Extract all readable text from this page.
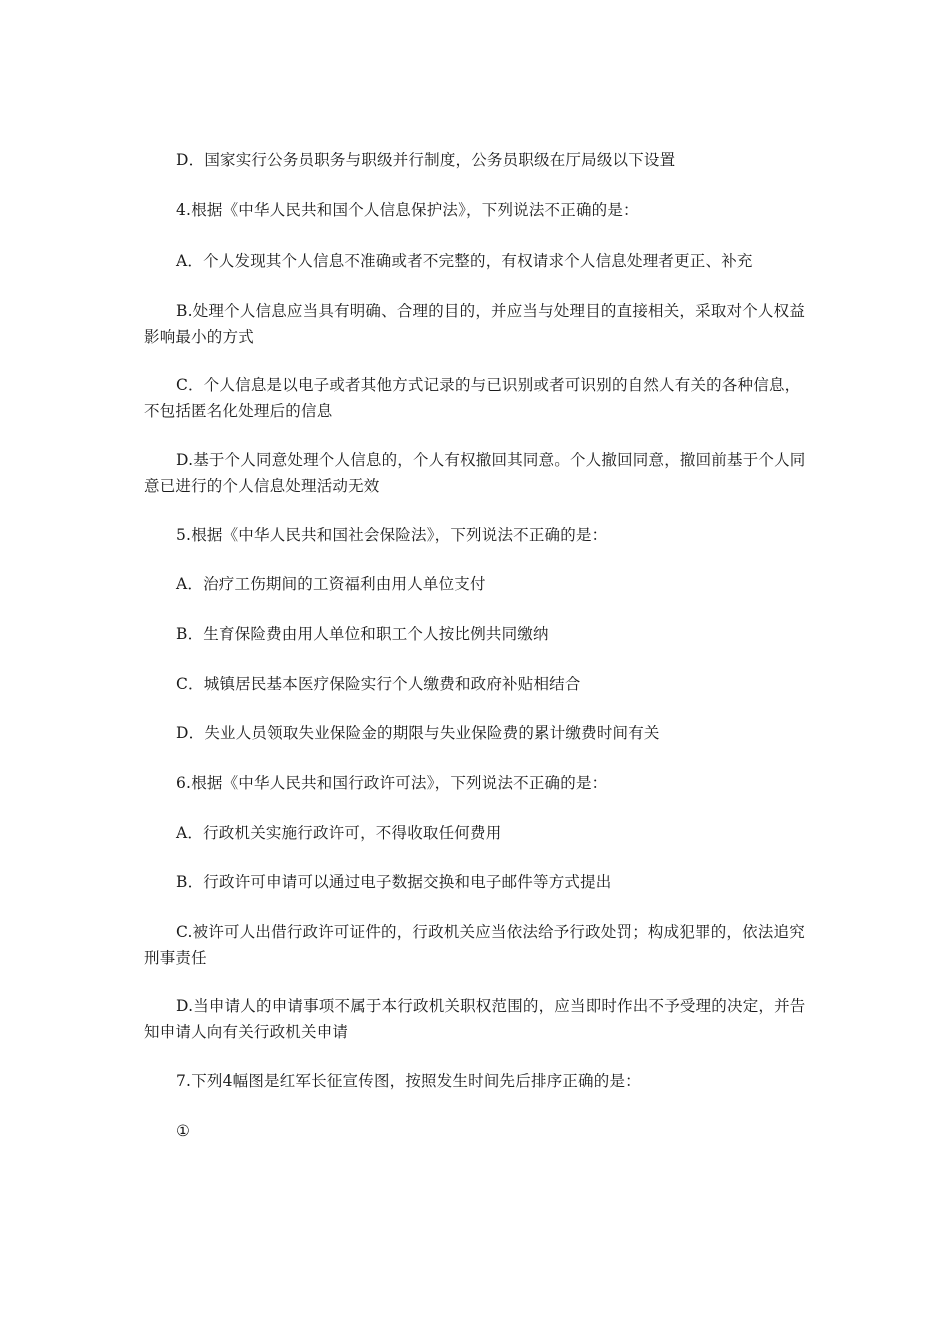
D．国家实行公务员职务与职级并行制度，公务员职级在厅局级以下设置

4.根据《中华人民共和国个人信息保护法》，下列说法不正确的是：

A．个人发现其个人信息不准确或者不完整的，有权请求个人信息处理者更正、补充

B.处理个人信息应当具有明确、合理的目的，并应当与处理目的直接相关，采取对个人权益影响最小的方式

C．个人信息是以电子或者其他方式记录的与已识别或者可识别的自然人有关的各种信息，不包括匿名化处理后的信息

D.基于个人同意处理个人信息的，个人有权撤回其同意。个人撤回同意，撤回前基于个人同意已进行的个人信息处理活动无效

5.根据《中华人民共和国社会保险法》，下列说法不正确的是：

A．治疗工伤期间的工资福利由用人单位支付

B．生育保险费由用人单位和职工个人按比例共同缴纳

C．城镇居民基本医疗保险实行个人缴费和政府补贴相结合

D．失业人员领取失业保险金的期限与失业保险费的累计缴费时间有关

6.根据《中华人民共和国行政许可法》，下列说法不正确的是：

A．行政机关实施行政许可，不得收取任何费用

B．行政许可申请可以通过电子数据交换和电子邮件等方式提出

C.被许可人出借行政许可证件的，行政机关应当依法给予行政处罚；构成犯罪的，依法追究刑事责任

D.当申请人的申请事项不属于本行政机关职权范围的，应当即时作出不予受理的决定，并告知申请人向有关行政机关申请

7.下列4幅图是红军长征宣传图，按照发生时间先后排序正确的是：

①
